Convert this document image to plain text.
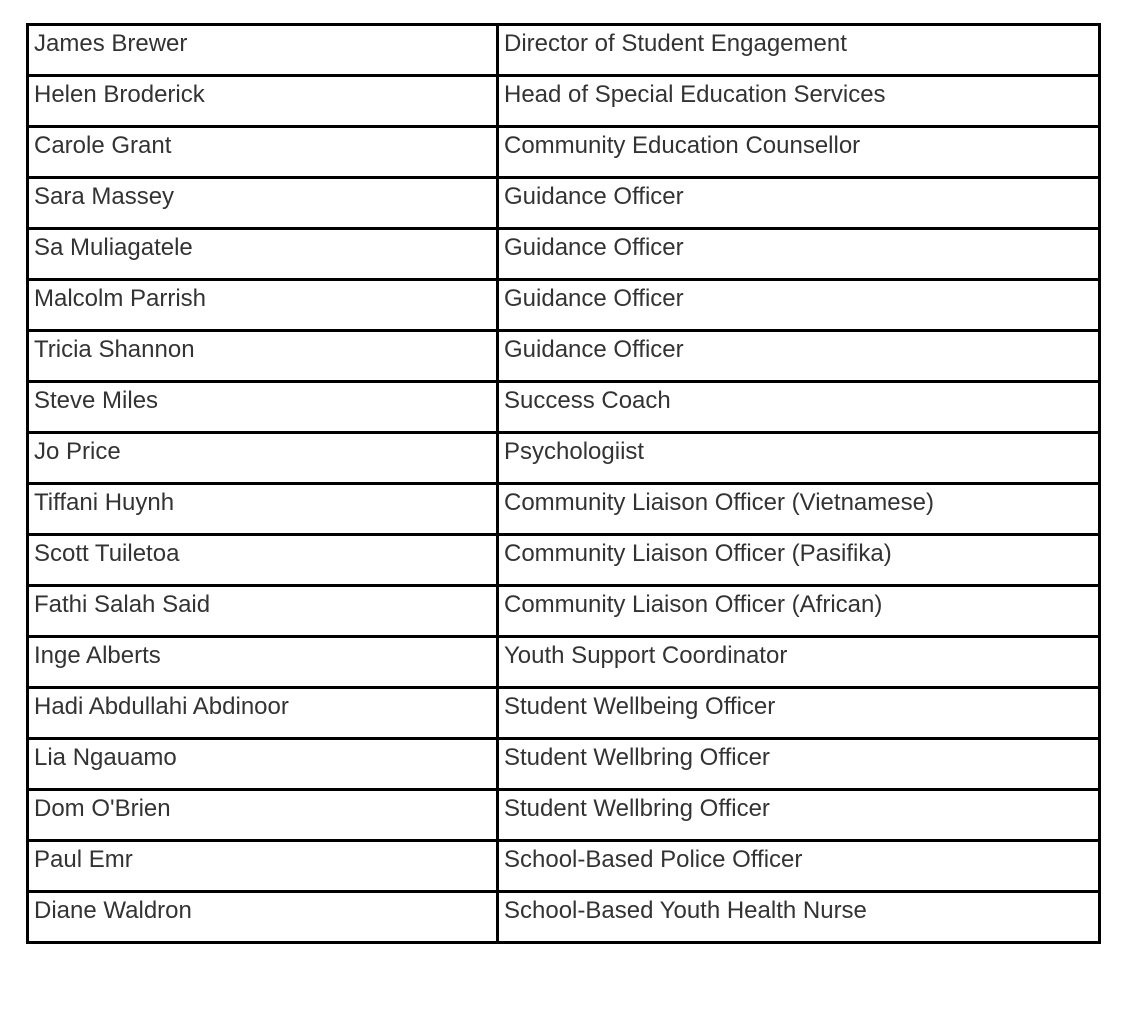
James Brewer	Director of Student Engagement

Helen Broderick	Head of Special Education Services

Carole Grant	Community Education Counsellor

Sara Massey	Guidance Officer

Sa Muliagatele	Guidance Officer

Malcolm Parrish	Guidance Officer

Tricia Shannon	Guidance Officer

Steve Miles	Success Coach

Jo Price	Psychologiist

Tiffani Huynh	Community Liaison Officer (Vietnamese)

Scott Tuiletoa	Community Liaison Officer (Pasifika)

Fathi Salah Said	Community Liaison Officer (African)

Inge Alberts	Youth Support Coordinator

Hadi Abdullahi Abdinoor	Student Wellbeing Officer

Lia Ngauamo	Student Wellbring Officer

Dom O'Brien	Student Wellbring Officer

Paul Emr	School-Based Police Officer

Diane Waldron	School-Based Youth Health Nurse
